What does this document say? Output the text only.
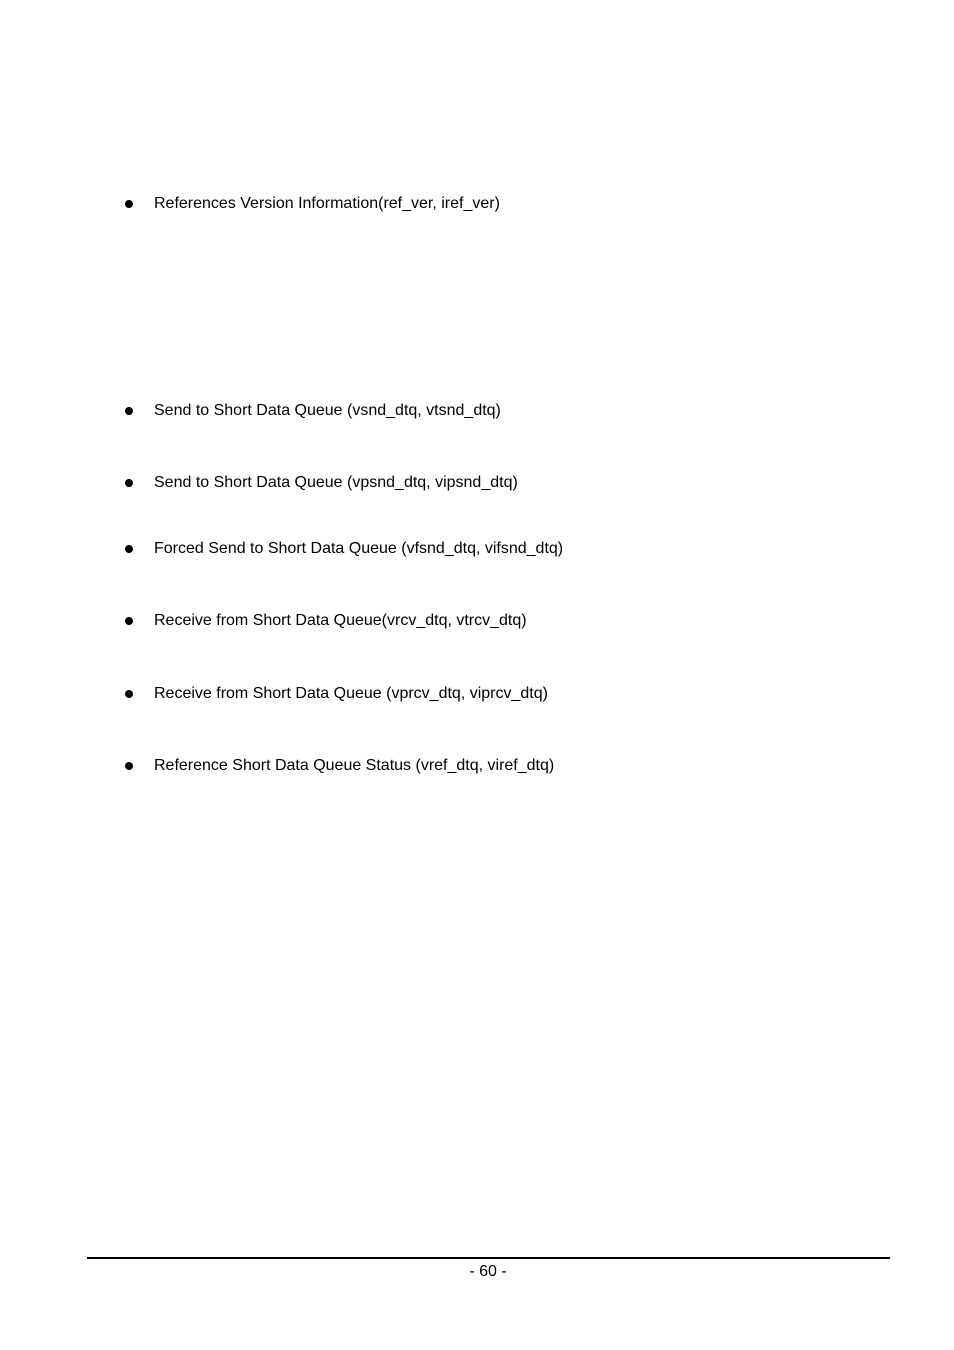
References Version Information(ref_ver, iref_ver)
Send to Short Data Queue (vsnd_dtq, vtsnd_dtq)
Send to Short Data Queue (vpsnd_dtq, vipsnd_dtq)
Forced Send to Short Data Queue (vfsnd_dtq, vifsnd_dtq)
Receive from Short Data Queue(vrcv_dtq, vtrcv_dtq)
Receive from Short Data Queue (vprcv_dtq, viprcv_dtq)
Reference Short Data Queue Status (vref_dtq, viref_dtq)
- 60 -
